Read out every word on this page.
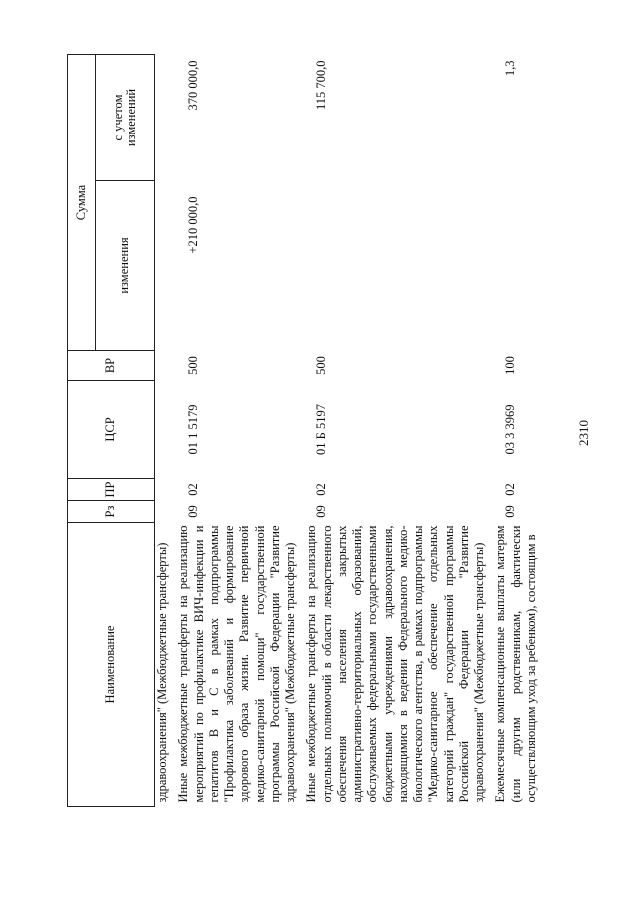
2310
Наименование	Рз	ПР	ЦСР	ВР	Сумма	
					изменения	с учетом
изменений
здравоохранения" (Межбюджетные трансферты)						
Иные межбюджетные трансферты на реализацию мероприятий по профилактике ВИЧ-инфекции и гепатитов В и С в рамках подпрограммы "Профилактика заболеваний и формирование здорового образа жизни. Развитие первичной медико-санитарной помощи" государственной программы Российской Федерации "Развитие здравоохранения" (Межбюджетные трансферты)	09	02	01 1 5179	500	+210 000,0	370 000,0
Иные межбюджетные трансферты на реализацию отдельных полномочий в области лекарственного обеспечения населения закрытых административно-территориальных образований, обслуживаемых федеральными государственными бюджетными учреждениями здравоохранения, находящимися в ведении Федерального медико-биологического агентства, в рамках подпрограммы "Медико-санитарное обеспечение отдельных категорий граждан" государственной программы Российской Федерации "Развитие здравоохранения" (Межбюджетные трансферты)	09	02	01 Б 5197	500		115 700,0
Ежемесячные компенсационные выплаты матерям (или другим родственникам, фактически осуществляющим уход за ребенком), состоящим в	09	02	03 3 3969	100		1,3
